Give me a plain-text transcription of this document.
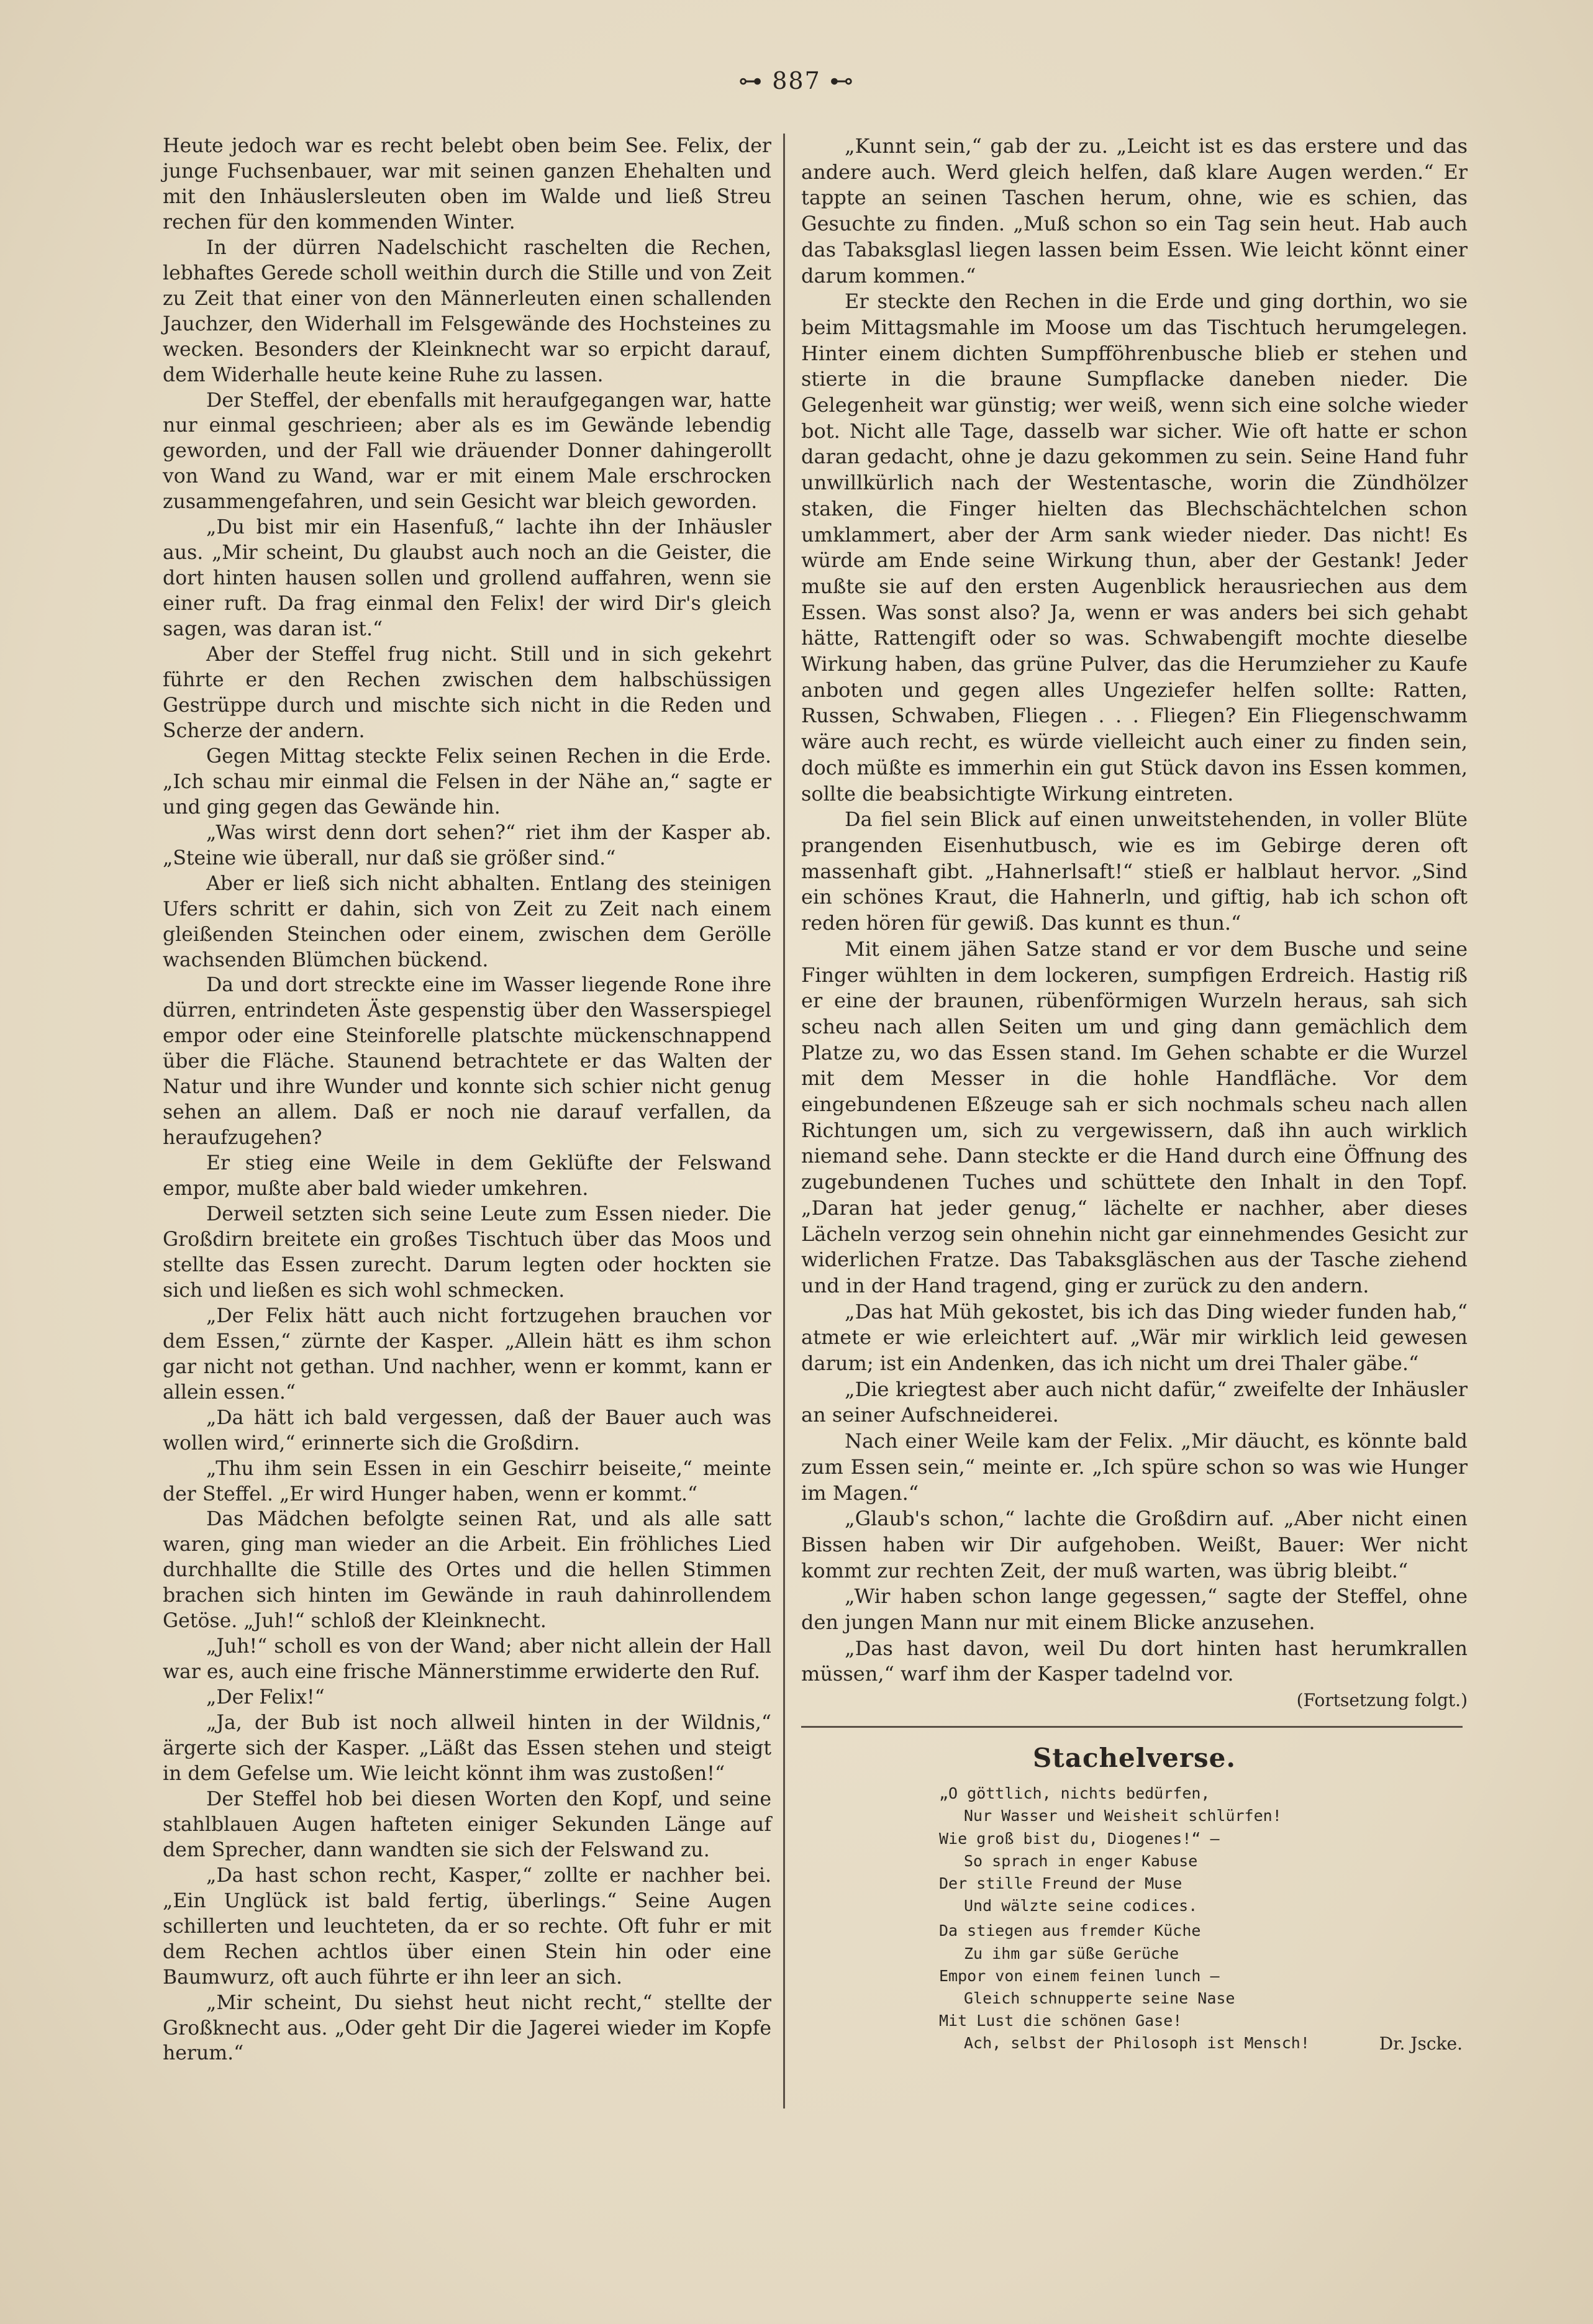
⊶ 887 ⊷

Heute jedoch war es recht belebt oben beim See. Felix, der junge Fuchsenbauer, war mit seinen ganzen Ehehalten und mit den Inhäuslersleuten oben im Walde und ließ Streu rechen für den kommenden Winter.

In der dürren Nadelschicht raschelten die Rechen, lebhaftes Gerede scholl weithin durch die Stille und von Zeit zu Zeit that einer von den Männerleuten einen schallenden Jauchzer, den Widerhall im Felsgewände des Hochsteines zu wecken. Besonders der Kleinknecht war so erpicht darauf, dem Widerhalle heute keine Ruhe zu lassen.

Der Steffel, der ebenfalls mit heraufgegangen war, hatte nur einmal geschrieen; aber als es im Gewände lebendig geworden, und der Fall wie dräuender Donner dahingerollt von Wand zu Wand, war er mit einem Male erschrocken zusammengefahren, und sein Gesicht war bleich geworden.

„Du bist mir ein Hasenfuß,“ lachte ihn der Inhäusler aus. „Mir scheint, Du glaubst auch noch an die Geister, die dort hinten hausen sollen und grollend auffahren, wenn sie einer ruft. Da frag einmal den Felix! der wird Dir's gleich sagen, was daran ist.“

Aber der Steffel frug nicht. Still und in sich gekehrt führte er den Rechen zwischen dem halbschüssigen Gestrüppe durch und mischte sich nicht in die Reden und Scherze der andern.

Gegen Mittag steckte Felix seinen Rechen in die Erde. „Ich schau mir einmal die Felsen in der Nähe an,“ sagte er und ging gegen das Gewände hin.

„Was wirst denn dort sehen?“ riet ihm der Kasper ab. „Steine wie überall, nur daß sie größer sind.“

Aber er ließ sich nicht abhalten. Entlang des steinigen Ufers schritt er dahin, sich von Zeit zu Zeit nach einem gleißenden Steinchen oder einem, zwischen dem Gerölle wachsenden Blümchen bückend.

Da und dort streckte eine im Wasser liegende Rone ihre dürren, entrindeten Äste gespenstig über den Wasserspiegel empor oder eine Steinforelle platschte mückenschnappend über die Fläche. Staunend betrachtete er das Walten der Natur und ihre Wunder und konnte sich schier nicht genug sehen an allem. Daß er noch nie darauf verfallen, da heraufzugehen?

Er stieg eine Weile in dem Geklüfte der Felswand empor, mußte aber bald wieder umkehren.

Derweil setzten sich seine Leute zum Essen nieder. Die Großdirn breitete ein großes Tischtuch über das Moos und stellte das Essen zurecht. Darum legten oder hockten sie sich und ließen es sich wohl schmecken.

„Der Felix hätt auch nicht fortzugehen brauchen vor dem Essen,“ zürnte der Kasper. „Allein hätt es ihm schon gar nicht not gethan. Und nachher, wenn er kommt, kann er allein essen.“

„Da hätt ich bald vergessen, daß der Bauer auch was wollen wird,“ erinnerte sich die Großdirn.

„Thu ihm sein Essen in ein Geschirr beiseite,“ meinte der Steffel. „Er wird Hunger haben, wenn er kommt.“

Das Mädchen befolgte seinen Rat, und als alle satt waren, ging man wieder an die Arbeit. Ein fröhliches Lied durchhallte die Stille des Ortes und die hellen Stimmen brachen sich hinten im Gewände in rauh dahinrollendem Getöse. „Juh!“ schloß der Kleinknecht.

„Juh!“ scholl es von der Wand; aber nicht allein der Hall war es, auch eine frische Männerstimme erwiderte den Ruf.

„Der Felix!“

„Ja, der Bub ist noch allweil hinten in der Wildnis,“ ärgerte sich der Kasper. „Läßt das Essen stehen und steigt in dem Gefelse um. Wie leicht könnt ihm was zustoßen!“

Der Steffel hob bei diesen Worten den Kopf, und seine stahlblauen Augen hafteten einiger Sekunden Länge auf dem Sprecher, dann wandten sie sich der Felswand zu.

„Da hast schon recht, Kasper,“ zollte er nachher bei. „Ein Unglück ist bald fertig, überlings.“ Seine Augen schillerten und leuchteten, da er so rechte. Oft fuhr er mit dem Rechen achtlos über einen Stein hin oder eine Baumwurz, oft auch führte er ihn leer an sich.

„Mir scheint, Du siehst heut nicht recht,“ stellte der Großknecht aus. „Oder geht Dir die Jagerei wieder im Kopfe herum.“

„Kunnt sein,“ gab der zu. „Leicht ist es das erstere und das andere auch. Werd gleich helfen, daß klare Augen werden.“ Er tappte an seinen Taschen herum, ohne, wie es schien, das Gesuchte zu finden. „Muß schon so ein Tag sein heut. Hab auch das Tabaksglasl liegen lassen beim Essen. Wie leicht könnt einer darum kommen.“

Er steckte den Rechen in die Erde und ging dorthin, wo sie beim Mittagsmahle im Moose um das Tischtuch herumgelegen. Hinter einem dichten Sumpfföhrenbusche blieb er stehen und stierte in die braune Sumpflacke daneben nieder. Die Gelegenheit war günstig; wer weiß, wenn sich eine solche wieder bot. Nicht alle Tage, dasselb war sicher. Wie oft hatte er schon daran gedacht, ohne je dazu gekommen zu sein. Seine Hand fuhr unwillkürlich nach der Westentasche, worin die Zündhölzer staken, die Finger hielten das Blechschächtelchen schon umklammert, aber der Arm sank wieder nieder. Das nicht! Es würde am Ende seine Wirkung thun, aber der Gestank! Jeder mußte sie auf den ersten Augenblick herausriechen aus dem Essen. Was sonst also? Ja, wenn er was anders bei sich gehabt hätte, Rattengift oder so was. Schwabengift mochte dieselbe Wirkung haben, das grüne Pulver, das die Herumzieher zu Kaufe anboten und gegen alles Ungeziefer helfen sollte: Ratten, Russen, Schwaben, Fliegen . . . Fliegen? Ein Fliegenschwamm wäre auch recht, es würde vielleicht auch einer zu finden sein, doch müßte es immerhin ein gut Stück davon ins Essen kommen, sollte die beabsichtigte Wirkung eintreten.

Da fiel sein Blick auf einen unweitstehenden, in voller Blüte prangenden Eisenhutbusch, wie es im Gebirge deren oft massenhaft gibt. „Hahnerlsaft!“ stieß er halblaut hervor. „Sind ein schönes Kraut, die Hahnerln, und giftig, hab ich schon oft reden hören für gewiß. Das kunnt es thun.“

Mit einem jähen Satze stand er vor dem Busche und seine Finger wühlten in dem lockeren, sumpfigen Erdreich. Hastig riß er eine der braunen, rübenförmigen Wurzeln heraus, sah sich scheu nach allen Seiten um und ging dann gemächlich dem Platze zu, wo das Essen stand. Im Gehen schabte er die Wurzel mit dem Messer in die hohle Handfläche. Vor dem eingebundenen Eßzeuge sah er sich nochmals scheu nach allen Richtungen um, sich zu vergewissern, daß ihn auch wirklich niemand sehe. Dann steckte er die Hand durch eine Öffnung des zugebundenen Tuches und schüttete den Inhalt in den Topf. „Daran hat jeder genug,“ lächelte er nachher, aber dieses Lächeln verzog sein ohnehin nicht gar einnehmendes Gesicht zur widerlichen Fratze. Das Tabaksgläschen aus der Tasche ziehend und in der Hand tragend, ging er zurück zu den andern.

„Das hat Müh gekostet, bis ich das Ding wieder funden hab,“ atmete er wie erleichtert auf. „Wär mir wirklich leid gewesen darum; ist ein Andenken, das ich nicht um drei Thaler gäbe.“

„Die kriegtest aber auch nicht dafür,“ zweifelte der Inhäusler an seiner Aufschneiderei.

Nach einer Weile kam der Felix. „Mir däucht, es könnte bald zum Essen sein,“ meinte er. „Ich spüre schon so was wie Hunger im Magen.“

„Glaub's schon,“ lachte die Großdirn auf. „Aber nicht einen Bissen haben wir Dir aufgehoben. Weißt, Bauer: Wer nicht kommt zur rechten Zeit, der muß warten, was übrig bleibt.“

„Wir haben schon lange gegessen,“ sagte der Steffel, ohne den jungen Mann nur mit einem Blicke anzusehen.

„Das hast davon, weil Du dort hinten hast herumkrallen müssen,“ warf ihm der Kasper tadelnd vor.

(Fortsetzung folgt.)

Stachelverse.
„O göttlich, nichts bedürfen,
Nur Wasser und Weisheit schlürfen!
Wie groß bist du, Diogenes!“ —
So sprach in enger Kabuse
Der stille Freund der Muse
Und wälzte seine codices.
Da stiegen aus fremder Küche
Zu ihm gar süße Gerüche
Empor von einem feinen lunch —
Gleich schnupperte seine Nase
Mit Lust die schönen Gase!
Ach, selbst der Philosoph ist Mensch!	Dr. Jscke.
